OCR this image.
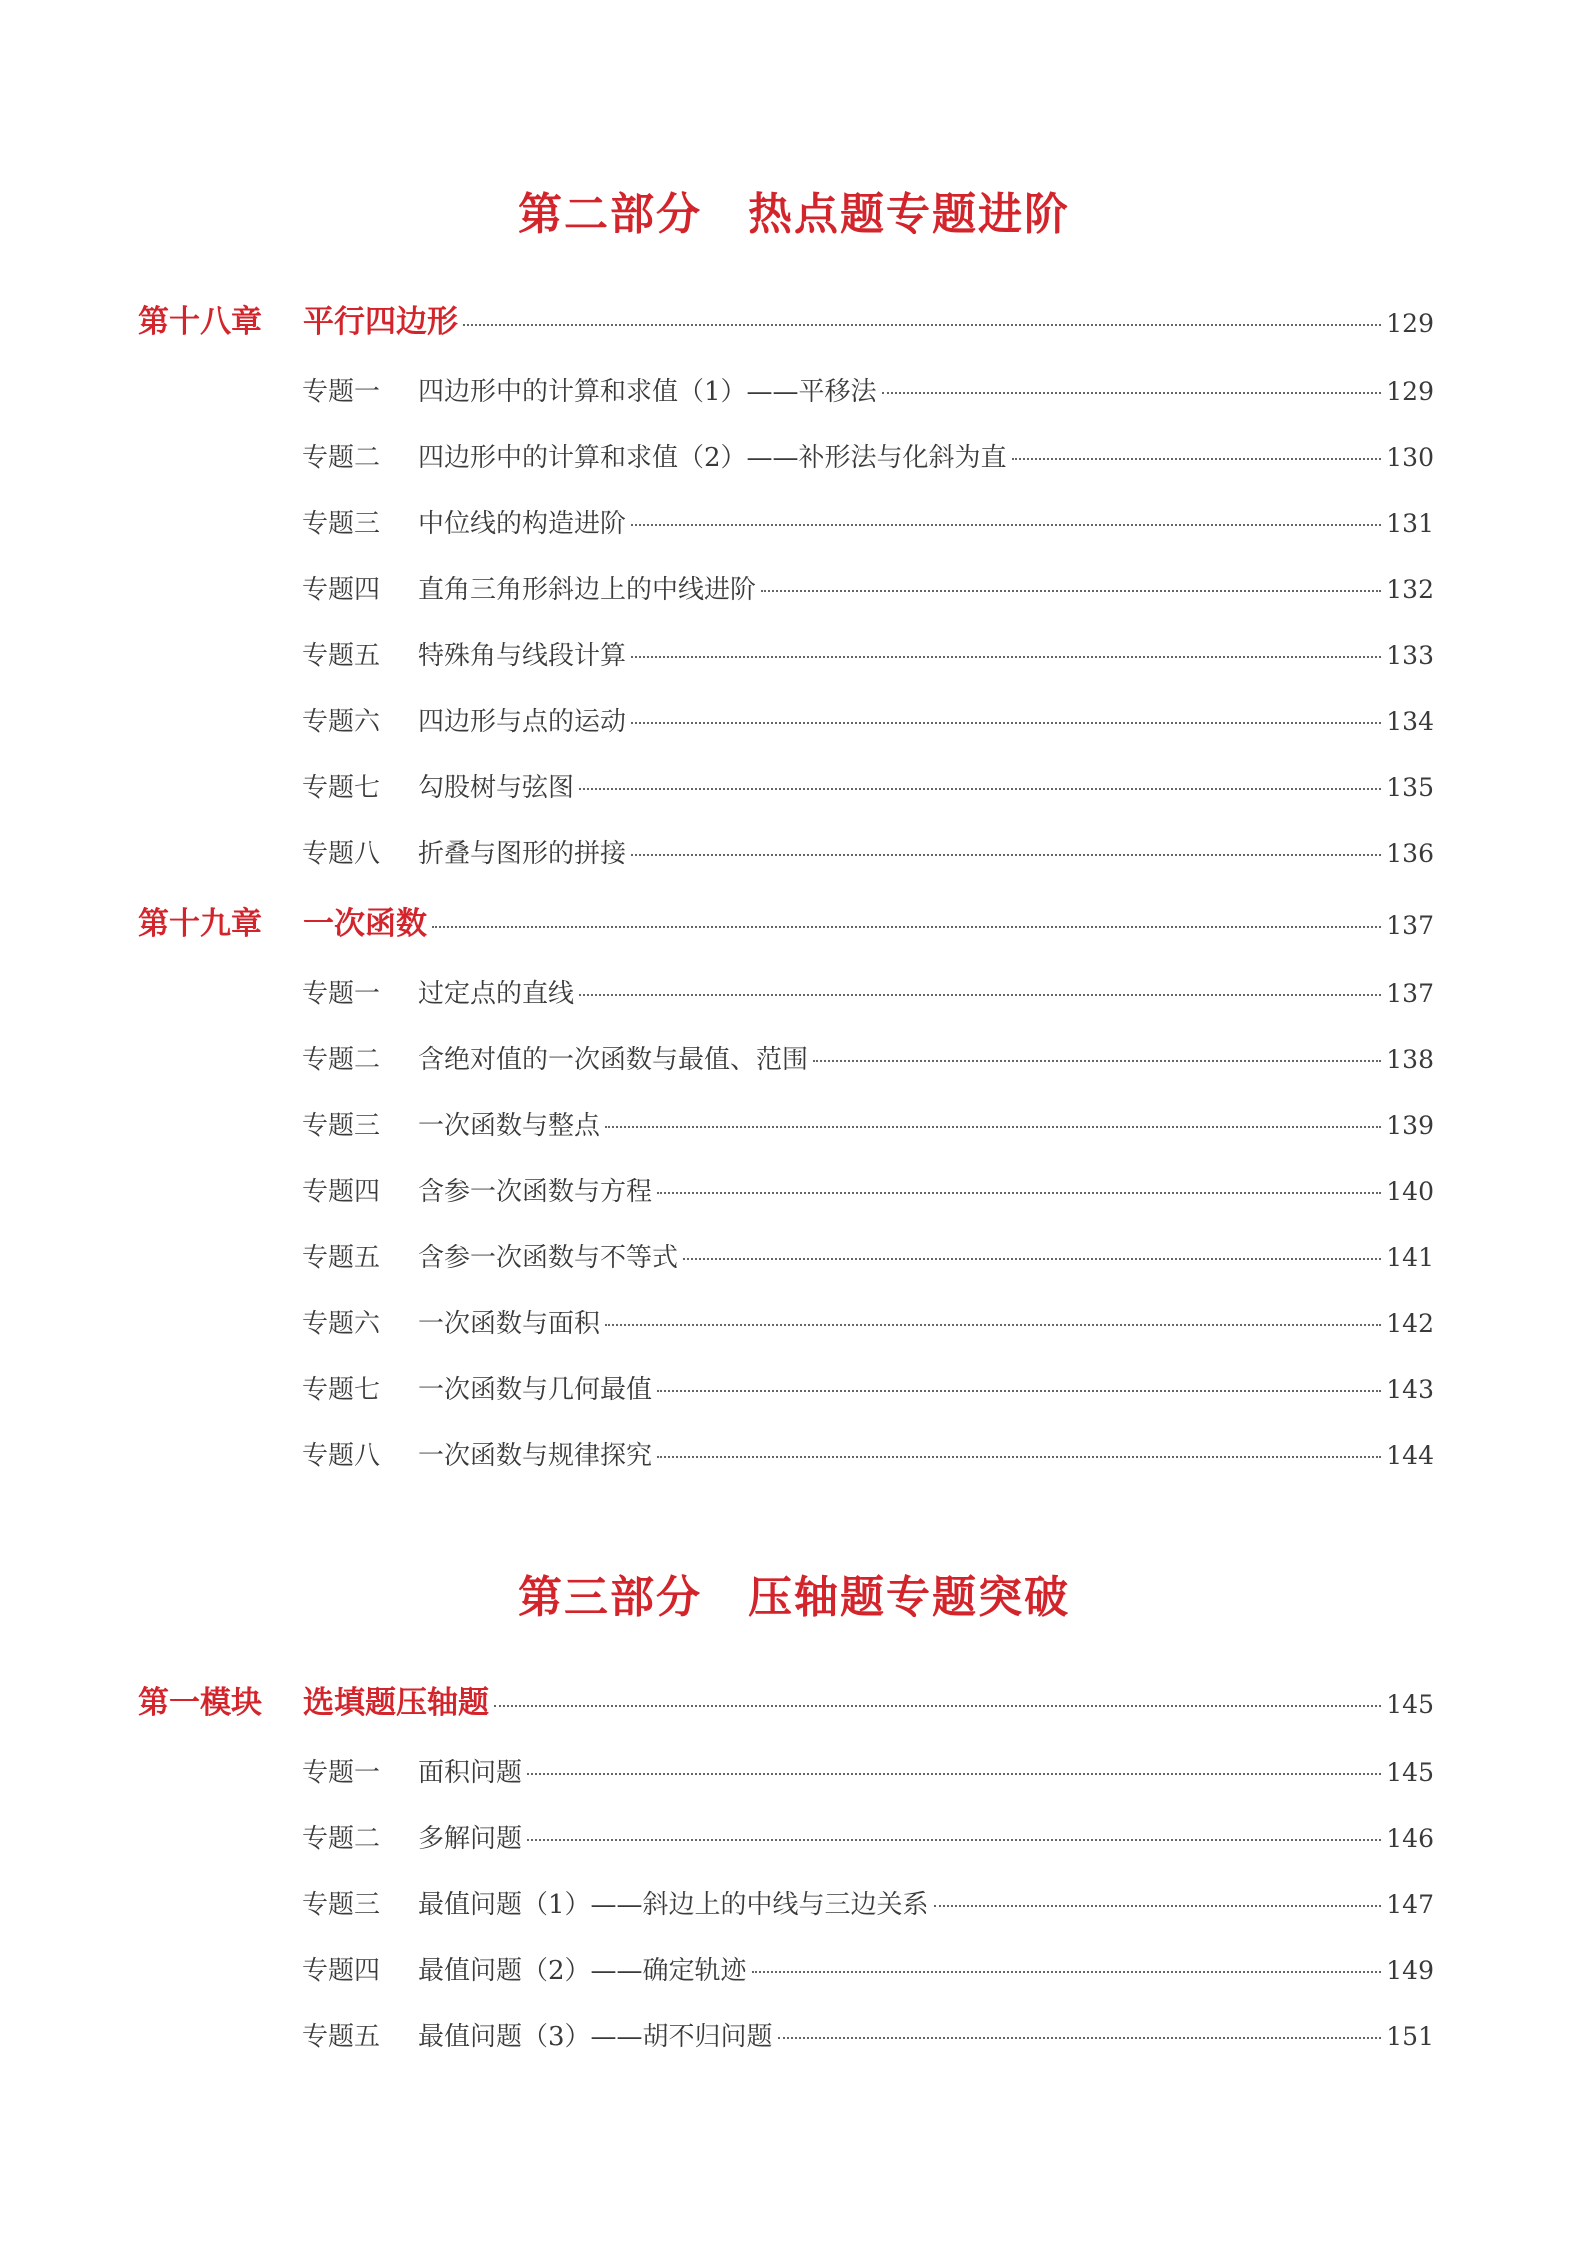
第二部分　热点题专题进阶
第十八章	平行四边形	129
专题一	四边形中的计算和求值（1）——平移法	129
专题二	四边形中的计算和求值（2）——补形法与化斜为直	130
专题三	中位线的构造进阶	131
专题四	直角三角形斜边上的中线进阶	132
专题五	特殊角与线段计算	133
专题六	四边形与点的运动	134
专题七	勾股树与弦图	135
专题八	折叠与图形的拼接	136
第十九章	一次函数	137
专题一	过定点的直线	137
专题二	含绝对值的一次函数与最值、范围	138
专题三	一次函数与整点	139
专题四	含参一次函数与方程	140
专题五	含参一次函数与不等式	141
专题六	一次函数与面积	142
专题七	一次函数与几何最值	143
专题八	一次函数与规律探究	144
第三部分　压轴题专题突破
第一模块	选填题压轴题	145
专题一	面积问题	145
专题二	多解问题	146
专题三	最值问题（1）——斜边上的中线与三边关系	147
专题四	最值问题（2）——确定轨迹	149
专题五	最值问题（3）——胡不归问题	151
